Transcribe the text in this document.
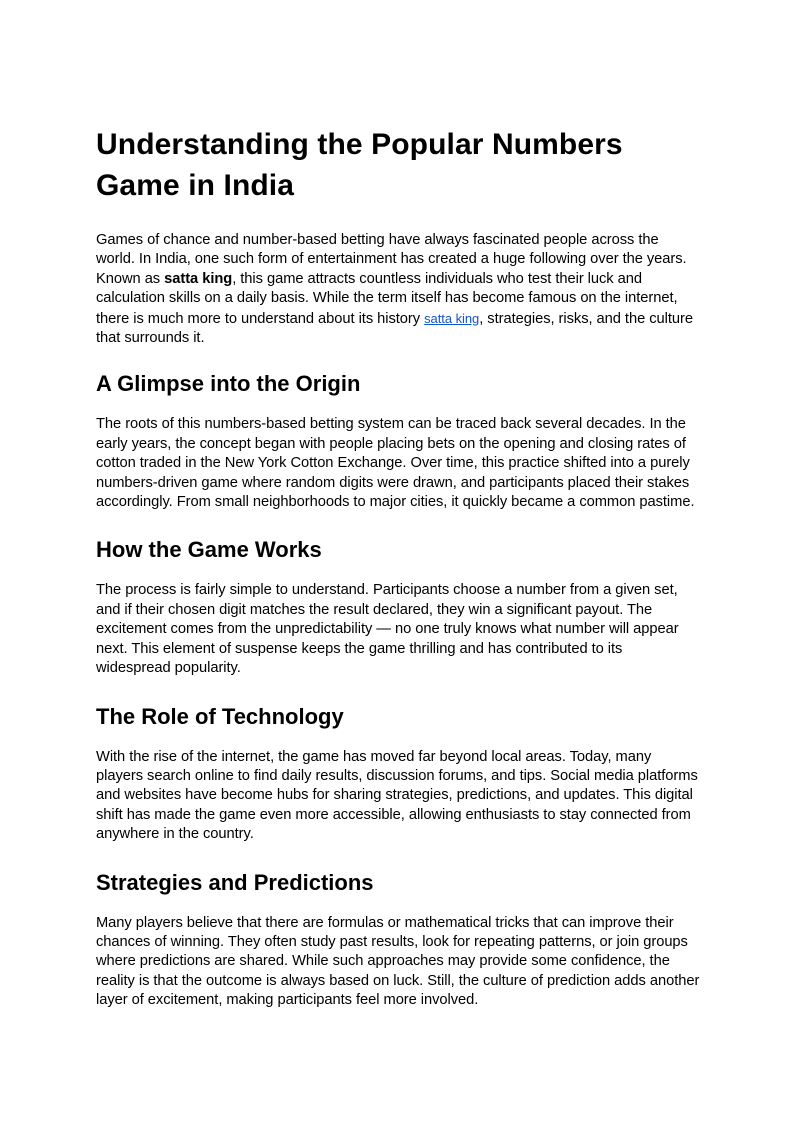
Understanding the Popular Numbers Game in India

Games of chance and number-based betting have always fascinated people across the world. In India, one such form of entertainment has created a huge following over the years. Known as satta king, this game attracts countless individuals who test their luck and calculation skills on a daily basis. While the term itself has become famous on the internet, there is much more to understand about its history satta king, strategies, risks, and the culture that surrounds it.

A Glimpse into the Origin

The roots of this numbers-based betting system can be traced back several decades. In the early years, the concept began with people placing bets on the opening and closing rates of cotton traded in the New York Cotton Exchange. Over time, this practice shifted into a purely numbers-driven game where random digits were drawn, and participants placed their stakes accordingly. From small neighborhoods to major cities, it quickly became a common pastime.

How the Game Works

The process is fairly simple to understand. Participants choose a number from a given set, and if their chosen digit matches the result declared, they win a significant payout. The excitement comes from the unpredictability — no one truly knows what number will appear next. This element of suspense keeps the game thrilling and has contributed to its widespread popularity.

The Role of Technology

With the rise of the internet, the game has moved far beyond local areas. Today, many players search online to find daily results, discussion forums, and tips. Social media platforms and websites have become hubs for sharing strategies, predictions, and updates. This digital shift has made the game even more accessible, allowing enthusiasts to stay connected from anywhere in the country.

Strategies and Predictions

Many players believe that there are formulas or mathematical tricks that can improve their chances of winning. They often study past results, look for repeating patterns, or join groups where predictions are shared. While such approaches may provide some confidence, the reality is that the outcome is always based on luck. Still, the culture of prediction adds another layer of excitement, making participants feel more involved.
